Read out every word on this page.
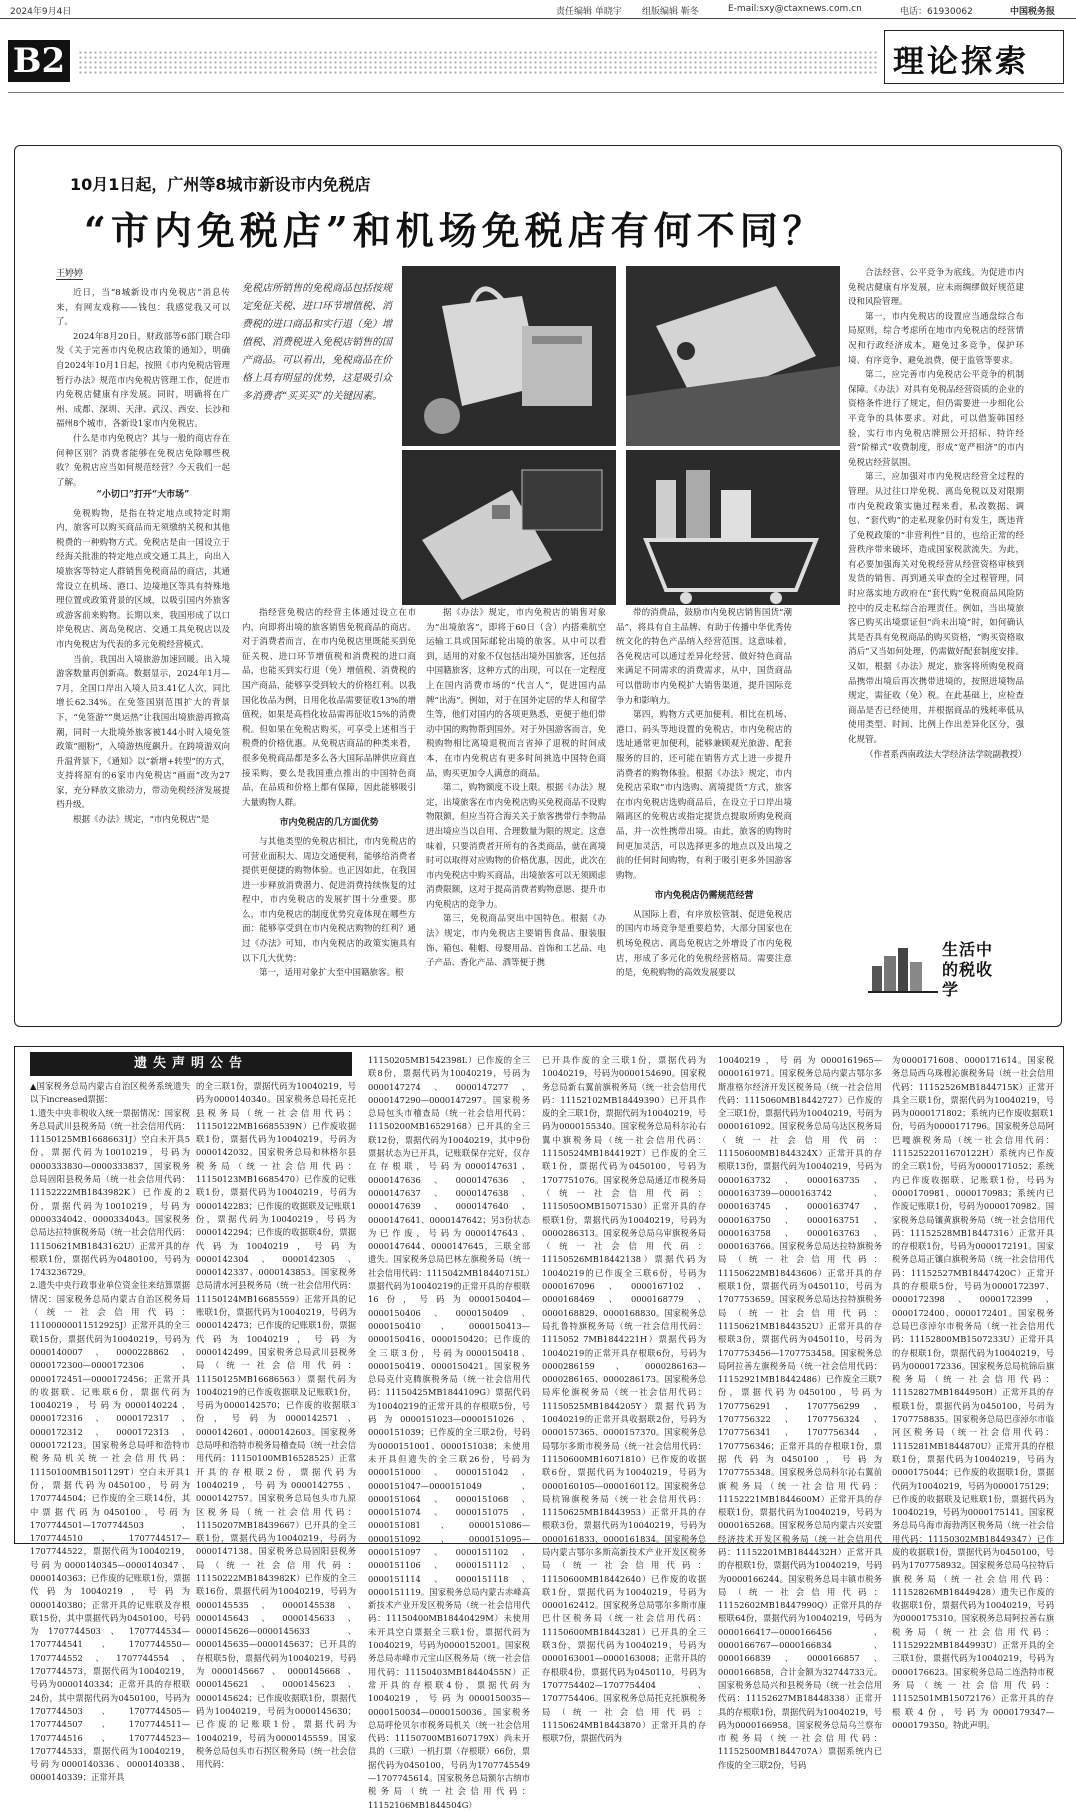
2024年9月4日	责任编辑 单晓宇 组版编辑 靳冬	E-mail:sxy@ctaxnews.com.cn	电话：61930062	中国税务报
B2	理论探索
10月1日起，广州等8城市新设市内免税店
“市内免税店”和机场免税店有何不同？
王婷婷

近日，当“8城新设市内免税店”消息传来，有网友戏称——钱包：我感觉我又可以了。

2024年8月20日，财政部等6部门联合印发《关于完善市内免税店政策的通知》，明确自2024年10月1日起，按照《市内免税店管理暂行办法》规范市内免税店管理工作，促进市内免税店健康有序发展。同时，明确将在广州、成都、深圳、天津、武汉、西安、长沙和福州8个城市，各新设1家市内免税店。

什么是市内免税店？其与一般的商店存在何种区别？消费者能够在免税店免除哪些税收？免税店应当如何规范经营？今天我们一起了解。

“小切口”打开“大市场”

免税购物，是指在特定地点或特定时期内，旅客可以购买商品而无须缴纳关税和其他税费的一种购物方式。免税店是由一国设立于经海关批准的特定地点或交通工具上，向出入境旅客等特定人群销售免税商品的商店，其通常设立在机场、港口、边境地区等具有特殊地理位置或政策背景的区域，以吸引国内外旅客或游客前来购物。长期以来，我国形成了以口岸免税店、离岛免税店、交通工具免税店以及市内免税店为代表的多元免税经营模式。

当前，我国出入境旅游加速回暖。出入境游客数量再创新高。数据显示，2024年1月—7月，全国口岸出入境人员3.41亿人次，同比增长62.34%。在免签国别范围扩大的背景下，“免签游”“奥运热”让我国出境旅游再掀高潮，同时一大批境外旅客被144小时入境免签政策“圈粉”，入境游热度飙升。在跨境游双向升温背景下，《通知》以“新增+转型”的方式，支持将原有的6家市内免税店“画面”改为27家，充分释放文旅动力，带动免税经济发展提档升级。

根据《办法》规定，“市内免税店”是

免税店所销售的免税商品包括按规定免征关税、进口环节增值税、消费税的进口商品和实行退（免）增值税、消费税进入免税店销售的国产商品。可以看出，免税商品在价格上具有明显的优势，这是吸引众多消费者“买买买”的关键因素。

指经营免税店的经营主体通过设立在市内，向即将出境的旅客销售免税商品的商店。对于消费者而言，在市内免税店里既能买到免征关税、进口环节增值税和消费税的进口商品，也能买到实行退（免）增值税、消费税的国产商品，能够享受到较大的价格红利。以我国化妆品为例，日用化妆品需要征收13%的增值税，如果是高档化妆品需再征收15%的消费税。但如果在免税店购买，可享受上述相当于税费的价格优惠。从免税店商品的种类来看，很多免税商品都是多么各大国际品牌供应商直接采购，要么是我国重点推出的中国特色商品，在品质和价格上都有保障，因此能够吸引大量购物人群。

市内免税店的几方面优势

与其他类型的免税店相比，市内免税店的可营业面积大、周边交通便利，能够给消费者提供更便捷的购物体验。也正因如此，在我国进一步释放消费潜力、促进消费持续恢复的过程中，市内免税店的发展扩围十分重要。那么，市内免税店的制度优势究竟体现在哪些方面：能够享受到在市内免税店购物的红利？通过《办法》可知，市内免税店的政策实施具有以下几大优势：

第一，适用对象扩大至中国籍旅客。根

据《办法》规定，市内免税店的销售对象为“出境旅客”，即将于60日（含）内搭乘航空运输工具或国际邮轮出境的旅客。从中可以看到，适用的对象不仅包括出境外国旅客，还包括中国籍旅客，这种方式的出现，可以在一定程度上在国内消费市场的“代言人”，促进国内品牌“出海”。例如，对于在国外定居的华人和留学生等，他们对国内的各项更熟悉，更便于他们带动中国的购物帮到国外。对于外国游客而言，免税购物相比离境退税而言省掉了退税的时间成本，在市内免税店有更多时间挑选中国特色商品，购买更加令人满意的商品。

第二，购物额度不设上限。根据《办法》规定，出境旅客在市内免税店购买免税商品不设购物限额，但应当符合海关关于旅客携带行李物品进出境应当以自用、合理数量为限的规定。这意味着，只要消费者开所有的各类商品，就在离境时可以取得对应购物的价格优惠，因此，此次在市内免税店中购买商品，出境旅客可以无须顾虑消费限额，这对于提高消费者购物意愿、提升市内免税店的竞争力。

第三，免税商品突出中国特色。根据《办法》规定，市内免税店主要销售食品、服装服饰、箱包、鞋帽、母婴用品、首饰和工艺品、电子产品、香化产品、酒等便于携

带的消费品，鼓励市内免税店销售国货“潮品”，将具有自主品牌、有助于传播中华优秀传统文化的特色产品纳入经营范围。这意味着，各免税店可以通过差异化经营、做好特色商品来满足不同需求的消费需求，从中，国货商品可以借助市内免税扩大销售渠道，提升国际竞争力和影响力。

第四，购物方式更加便利。相比在机场、港口、码头等地设置的免税店，市内免税店的选址通常更加便利，能够兼顾观光旅游、配套服务的目的，还可能在销售方式上进一步提升消费者的购物体验。根据《办法》规定，市内免税店采取“市内选购、离境提货”方式，旅客在市内免税店选购商品后，在设立于口岸出境隔离区的免税店或指定提货点提取所购免税商品，并一次性携带出境。由此，旅客的购物时间更加灵活，可以选择更多的地点以及出境之前的任何时间购物，有利于吸引更多外国游客购物。

市内免税店仍需规范经营

从国际上看，有序放松管制、促进免税店的国内市场竞争是重要趋势，大部分国家也在机场免税店、离岛免税店之外增设了市内免税店，形成了多元化的免税经营格局。需要注意的是，免税购物的高效发展要以

合法经营、公平竞争为底线。为促进市内免税店健康有序发展，应未雨绸缪做好规范建设和风险管理。

第一，市内免税店的设置应当通盘综合布局原则，综合考虑所在地市内免税店的经营情况和行政经济成本，避免过多竞争，保护环境、有序竞争、避免浪费，便于监管等要求。

第二，应完善市内免税店公平竞争的机制保障。《办法》对具有免税品经营资质的企业的资格条件进行了规定，但仍需要进一步细化公平竞争的具体要求。对此，可以借鉴韩国经验，实行市内免税店牌照公开招标、特许经营“阶梯式”收费制度，形成“宽严相济”的市内免税店经营氛围。

第三，应加强对市内免税店经营全过程的管理。从过往口岸免税、离岛免税以及对限期市内免税政策实施过程来看，私改数据、调包、“套代购”的走私现象仍时有发生，既违背了免税政策的“非营利性”目的，也给正常的经营秩序带来破坏，造成国家税款流失。为此，有必要加强海关对免税经营从经营资格审核到发货的销售、再到通关审查的全过程管理，同时应落实地方政府在“套代购”免税商品风险防控中的反走私综合治理责任。例如，当出境旅客已购买出境票证但“尚未出境”时，如何确认其是否具有免税商品的购买资格，“购买资格取消后”又当如何处理，仍需做好配套制度安排。又如，根据《办法》规定，旅客将所购免税商品携带出境后再次携带进境的，按照进境物品规定，需征收（免）税。在此基础上，应检查商品是否已经使用，并根据商品的残耗率低从使用类型、时间、比例上作出差异化区分，强化规管。

（作者系西南政法大学经济法学院副教授）

生活中的税收学
遗失声明公告

▲国家税务总局内蒙古自治区税务系统遗失以下increased票据：

1.遗失中央非税收入统一票据情况：国家税务总局武川县税务局（统一社会信用代码：11150125MB16686631J）空白未开具5份，票据代码为10010219，号码为0000333830—0000333837，国家税务总局固阳县税务局（统一社会信用代码：11152222MB1843982K）已作废的2份，票据代码为10010219，号码为0000334042、0000334043。国家税务总局达拉特旗税务局（统一社会信用代码：11150621MB1843162U）正常开具的存根联1份，票据代码为0480100，号码为1743236729。

2.遗失中央行政事业单位资金往来结算票据情况：国家税务总局内蒙古自治区税务局（统一社会信用代码：11100000011512925J）正常开具的全三联15份，票据代码为10040219，号码为0000140007、0000228862、0000172300—0000172306、0000172451—0000172456；正常开具的收据联、记账联6份，票据代码为10040219，号码为0000140224、0000172316、0000172317、0000172312、0000172313、0000172123。国家税务总局呼和浩特市税务局机关统一社会信用代码：11150100MB1501129T）空白未开具1份，票据代码为0450100，号码为1707744504；已作废的全三联14份，其中票据代码为0450100，号码为1707744501—1707744503、1707744510、1707744517—1707744522，票据代码为10040219，号码为0000140345—0000140347、0000140363；已作废的记账联1份，票据代码为10040219，号码为0000140380；正常开具的记账联及存根联15份，其中票据代码为0450100，号码为1707744503、1707744534—1707744541、1707744550—1707744552、1707744554、1707744573，票据代码为10040219，号码为0000140334；正常开具的存根联24份，其中票据代码为0450100，号码为1707744503、1707744505—1707744507、1707744511—1707744516、1707744523—1707744533，票据代码为10040219，号码为0000140336、0000140338、0000140339；正常开具

的全三联1份，票据代码为10040219，号码为0000140340。国家税务总局托克托县税务局（统一社会信用代码：11150122MB16685539N）已作废收据联1份，票据代码为10040219，号码为0000142032。国家税务总局和林格尔县税务局（统一社会信用代码：11150123MB16685470）已作废的记账联1份，票据代码为10040219，号码为0000142283；已作废的收据联及记账联1份，票据代码为10040219，号码为0000142294；已作废的收据联4份，票据代码为10040219，号码为0000142304、0000142305、0000142337、0000143853。国家税务总局清水河县税务局（统一社会信用代码：11150124MB16685559）正常开具的记账联1份，票据代码为10040219，号码为0000142473；已作废的记账联1份，票据代码为10040219，号码为0000142499。国家税务总局武川县税务局（统一社会信用代码：11150125MB16686563）票据代码为10040219的已作废收据联及记账联1份，号码为0000142570；已作废的收据联3份，号码为0000142571、0000142601、0000142603。国家税务总局呼和浩特市税务局稽查局（统一社会信用代码：11150100MB16528525）正常开具的存根联2份，票据代码为10040219，号码为0000142755、0000142757。国家税务总局包头市九原区税务局（统一社会信用代码：11150207MB18439667）已开具的全三联1份，票据代码为10040219，号码为0000147138。国家税务总局固阳县税务局（统一社会信用代码：11150222MB1843982K）已作废的全三联16份，票据代码为10040219，号码为0000145535、0000145538、0000145643、0000145633、0000145626—0000145633、0000145635—0000145637；已开具的存根联5份，票据代码为10040219，号码为0000145667、0000145668、0000145621、0000145623、0000145624；已作废收据联1份，票据代码为10040219，号码为0000145630；已作废的记账联1份，票据代码为10040219，号码为0000145559。国家税务总局包头市石拐区税务局（统一社会信用代码：

11150205MB1542398L）已作废的全三联8份，票据代码为10040219，号码为0000147274、0000147277、0000147290—0000147297。国家税务总局包头市稽查局（统一社会信用代码：11150200MB16529168）已开具的全三联12份，票据代码为10040219，其中9份票据状态为已开具，记账联保存完好，仅存在存根联，号码为0000147631、0000147636、0000147636、0000147637、0000147638、0000147639、0000147640、0000147641、0000147642；另3份状态为已作废，号码为0000147643、0000147644、0000147645，三联全部遗失。国家税务总局巴林左旗税务局（统一社会信用代码：1115042MB18440715L）票据代码为10040219的正常开具的存根联16份，号码为0000150404—0000150406、0000150409、0000150410、0000150413—0000150416、0000150420；已作废的全三联3份，号码为0000150418、0000150419、0000150421。国家税务总局克什克腾旗税务局（统一社会信用代码：11150425MB1844109G）票据代码为10040219的正常开具的存根联5份，号码为0000151023—0000151026、0000151039；已作废的全三联2份，号码为0000151001、0000151038；未使用未开具但遗失的全三联26份，号码为0000151000、0000151042、0000151047—0000151049、0000151064、0000151068、0000151074、0000151075、0000151081、0000151086—0000151092、0000151095—0000151097、0000151102、0000151106、0000151112、0000151114、0000151118、0000151119。国家税务总局内蒙古赤峰高新技术产业开发区税务局（统一社会信用代码：11150400MB18440429M）未使用未开具空白票据全三联1份，票据代码为10040219，号码为0000152001。国家税务总局赤峰市元宝山区税务局（统一社会信用代码：11150403MB18440455N）正常开具的存根联4份，票据代码为10040219，号码为0000150035—0000150034—0000150036。国家税务总局呼伦贝尔市税务局机关（统一社会信用代码：11150700MB1607179X）尚未开具的（三联）一机打票（存根联）66份，票据代码为0450100，号码为1707745549—1707745614。国家税务总局额尔古纳市税务局（统一社会信用代码：11152106MB1844504G）

已开具作废的全三联1份，票据代码为10040219，号码为0000154690。国家税务总局新右翼前旗税务局（统一社会信用代码：11152102MB18449390）已开具作废的全三联1份，票据代码为10040219，号码为0000155340。国家税务总局科尔沁右翼中旗税务局（统一社会信用代码：11150524MB1844192T）已作废的全三联1份，票据代码为0450100，号码为1707751076。国家税务总局通辽市税务局（统一社会信用代码：1115050OMB15071530）正常开具的存根联1份，票据代码为10040219，号码为0000286313。国家税务总局乌审旗税务局（统一社会信用代码：11150526MB18442138）票据代码为10040219的已作废全三联6份，号码为0000167096、0000167102、0000168469、0000168779、0000168829、0000168830。国家税务总局扎鲁特旗税务局（统一社会信用代码：1115052 7MB1844221H）票据代码为10040219的正常开具存根联6份，号码为0000286159、0000286163—0000286165、0000286173。国家税务总局库伦旗税务局（统一社会信用代码：11150525MB1844205Y）票据代码为10040219的正常开具收据联2份，号码为0000157365、0000157370。国家税务总局鄂尔多斯市税务局（统一社会信用代码：11150600MB16071810）已作废的收据联6份，票据代码为10040219，号码为0000160105—0000160112。国家税务总局杭锦旗税务局（统一社会信用代码：11150625MB18443953）正常开具的存根联3份，票据代码为10040219，号码为0000161833、0000161834。国家税务总局内蒙古鄂尔多斯高新技术产业开发区税务局（统一社会信用代码：11150600MB18442640）已作废的收据联1份，票据代码为10040219，号码为0000162412。国家税务总局鄂尔多斯市康巴什区税务局（统一社会信用代码：11150600MB18443281）已开具的全三联3份，票据代码为10040219，号码为0000163001—0000163008；正常开具的存根联4份，票据代码为0450110，号码为1707754402—1707754404、1707754406。国家税务总局托克托旗税务局（统一社会信用代码：11150624MB18443870）正常开具的存根联7份，票据代码为

10040219，号码为0000161965—0000161971。国家税务总局内蒙古鄂尔多斯准格尔经济开发区税务局（统一社会信用代码：1115060MB18442727）已作废的全三联1份，票据代码为10040219，号码为0000161092。国家税务总局乌达区税务局（统一社会信用代码：11150600MB1844324X）正常开具的存根联13份，票据代码为10040219，号码为0000163732、0000163735、0000163739—0000163742、0000163745、0000163747、0000163750、0000163751、0000163758、0000163763、0000163766。国家税务总局达拉特旗税务局（统一社会信用代码：11150622MB18443606）正常开具的存根联1份，票据代码为0450110，号码为1707753659。国家税务总局达拉特旗税务局（统一社会信用代码：11150621MB1844352U）正常开具的存根联3份，票据代码为0450110，号码为1707753456—1707753458。国家税务总局阿拉善左旗税务局（统一社会信用代码：11152921MB18442486）已作废全三联7份，票据代码为0450100，号码为1707756291、1707756299、1707756322、1707756324、1707756341、1707756344、1707756346；正常开具的存根联1份，票据代码为0450100，号码为1707755348。国家税务总局科尔沁右翼前旗税务局（统一社会信用代码：11152221MB1844600M）正常开具的存根联1份，票据代码为10040219，号码为0000165268。国家税务总局内蒙古兴安盟经济技术开发区税务局（统一社会信用代码：11152201MB1844432H）正常开具的存根联1份，票据代码为10040219，号码为0000166244。国家税务总局丰镇市税务局（统一社会信用代码：11152602MB18447990Q）正常开具的存根联64份，票据代码为10040219，号码为0000166417—0000166456、0000166767—0000166834、0000166839、0000166857、0000166858，合计金额为32744733元。国家税务总局兴和县税务局（统一社会信用代码：11152627MB18448338）正常开具的存根联1份，票据代码为10040219，号码为0000166958。国家税务总局乌兰察布市税务局（统一社会信用代码：11152500MB1844707A）票据系统内已作废的全三联2份，号码

为0000171608、0000171614。国家税务总局西乌珠穆沁旗税务局（统一社会信用代码：11152526MB1844715K）正常开具全三联1份，票据代码为10040219，号码为0000171802；系统内已作废收据联1份，号码为0000171796。国家税务总局阿巴嘎旗税务局（统一社会信用代码：11152522011670122H）系统内已作废的全三联1份，号码为0000171052；系统内已作废收据联、记账联1份，号码为0000170981、0000170983；系统内已作废记账联1份，号码为0000170982。国家税务总局镶黄旗税务局（统一社会信用代码：11152528MB18447316）正常开具的存根联1份，号码为0000172191。国家税务总局正镶白旗税务局（统一社会信用代码：11152527MB18447420C）正常开具的存根联5份，号码为0000172397、0000172398、0000172399、0000172400、0000172401。国家税务总局巴彦淖尔市税务局（统一社会信用代码：11152800MB1507233U）正常开具的存根联1份，票据代码为10040219，号码为0000172336。国家税务总局杭锦后旗税务局（统一社会信用代码：11152827MB1844950H）正常开具的存根联1份，票据代码为0450100，号码为1707758835。国家税务总局巴彦淖尔市临河区税务局（统一社会信用代码：1115281MB1844870U）正常开具的存根联1份，票据代码为10040219，号码为0000175044；已作废的收据联1份，票据代码为10040219，号码为0000175129；已作废的收据联及记账联1份，票据代码为10040219，号码为0000175141。国家税务总局乌海市海勃湾区税务局（统一社会信用代码：11150302MB18449347）已作废的收据联1份，票据代码为0450100，号码为1707758932。国家税务总局乌拉特后旗税务局（统一社会信用代码：11152826MB18449428）遗失已作废的收据联1份，票据代码为10040219，号码为0000175310。国家税务总局阿拉善右旗税务局（统一社会信用代码：11152922MB1844993U）正常开具的全三联1份，票据代码为10040219，号码为0000176623。国家税务总局二连浩特市税务局（统一社会信用代码：11152501MB15072176）正常开具的存根联4份，号码为0000179347—0000179350。特此声明。
